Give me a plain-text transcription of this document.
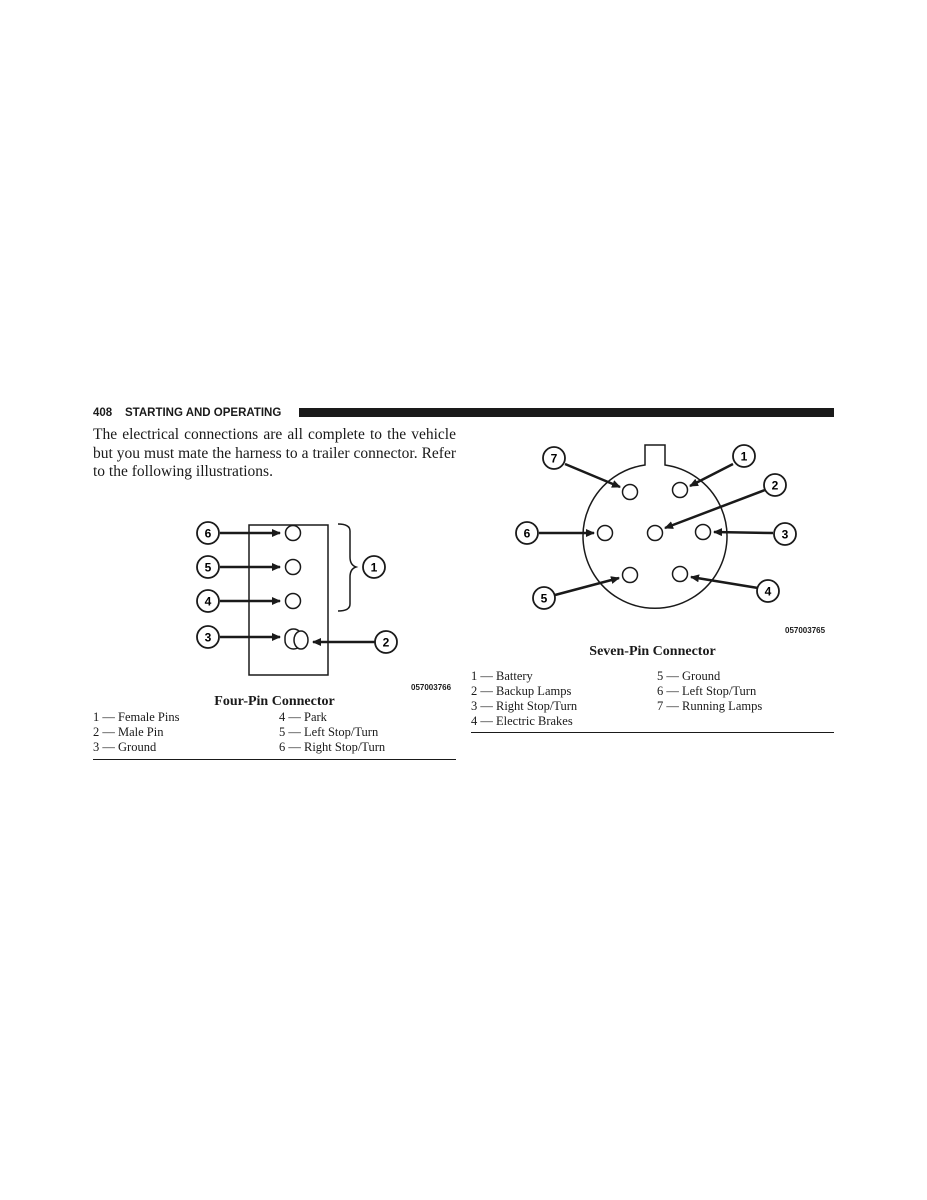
408 STARTING AND OPERATING
The electrical connections are all complete to the vehicle but you must mate the harness to a trailer connector. Refer to the following illustrations.
6
5
4
3	2
1
057003766
Four-Pin Connector
1 — Female Pins	4 — Park
2 — Male Pin	5 — Left Stop/Turn
3 — Ground	6 — Right Stop/Turn
7	1
2
6	3
5	4
057003765
Seven-Pin Connector
1 — Battery	5 — Ground
2 — Backup Lamps	6 — Left Stop/Turn
3 — Right Stop/Turn	7 — Running Lamps
4 — Electric Brakes
